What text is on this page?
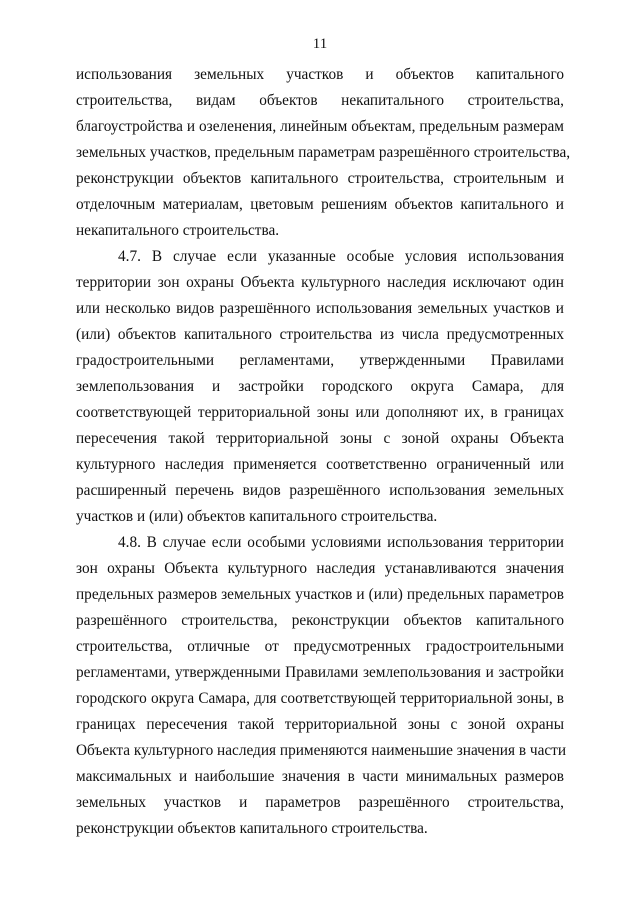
11
использования земельных участков и объектов капитального
строительства, видам объектов некапитального строительства,
благоустройства и озеленения, линейным объектам, предельным размерам
земельных участков, предельным параметрам разрешённого строительства,
реконструкции объектов капитального строительства, строительным и
отделочным материалам, цветовым решениям объектов капитального и
некапитального строительства.
4.7. В случае если указанные особые условия использования
территории зон охраны Объекта культурного наследия исключают один
или несколько видов разрешённого использования земельных участков и
(или) объектов капитального строительства из числа предусмотренных
градостроительными регламентами, утвержденными Правилами
землепользования и застройки городского округа Самара, для
соответствующей территориальной зоны или дополняют их, в границах
пересечения такой территориальной зоны с зоной охраны Объекта
культурного наследия применяется соответственно ограниченный или
расширенный перечень видов разрешённого использования земельных
участков и (или) объектов капитального строительства.
4.8. В случае если особыми условиями использования территории
зон охраны Объекта культурного наследия устанавливаются значения
предельных размеров земельных участков и (или) предельных параметров
разрешённого строительства, реконструкции объектов капитального
строительства, отличные от предусмотренных градостроительными
регламентами, утвержденными Правилами землепользования и застройки
городского округа Самара, для соответствующей территориальной зоны, в
границах пересечения такой территориальной зоны с зоной охраны
Объекта культурного наследия применяются наименьшие значения в части
максимальных и наибольшие значения в части минимальных размеров
земельных участков и параметров разрешённого строительства,
реконструкции объектов капитального строительства.
